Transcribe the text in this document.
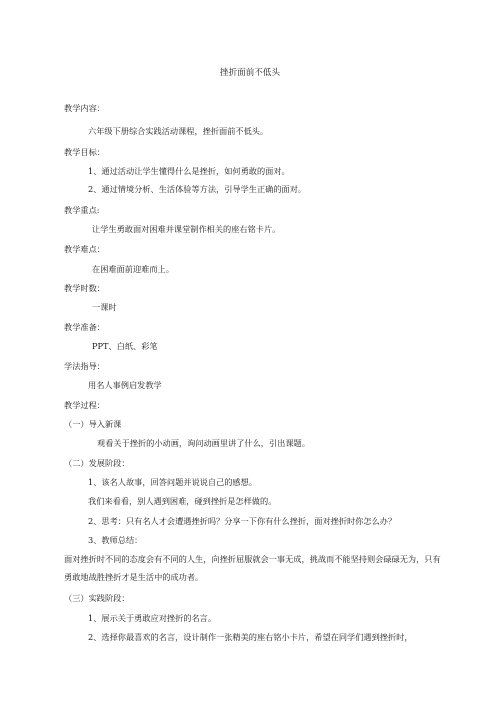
挫折面前不低头
教学内容：
六年级下册综合实践活动课程，挫折面前不低头。
教学目标：
1、通过活动让学生懂得什么是挫折，如何勇敢的面对。
2、通过情境分析、生活体验等方法，引导学生正确的面对。
教学重点:
让学生勇敢面对困难并课堂制作相关的座右铭卡片。
教学难点：
在困难面前迎难而上。
教学时数：
一课时
教学准备：
PPT、白纸、彩笔
学法指导：
用名人事例启发教学
教学过程：
（一）导入新课
观看关于挫折的小动画，询问动画里讲了什么，引出课题。
（二）发展阶段：
1、该名人故事，回答问题并说说自己的感想。
我们来看看，别人遇到困难，碰到挫折是怎样做的。
2、思考：只有名人才会遭遇挫折吗？分享一下你有什么挫折，面对挫折时你怎么办？
3、教师总结：
面对挫折时不同的态度会有不同的人生，向挫折屈服就会一事无成，挑战而不能坚持则会碌碌无为，只有勇敢地战胜挫折才是生活中的成功者。
（三）实践阶段：
1、展示关于勇敢应对挫折的名言。
2、选择你最喜欢的名言，设计制作一张精美的座右铭小卡片，希望在同学们遇到挫折时，
